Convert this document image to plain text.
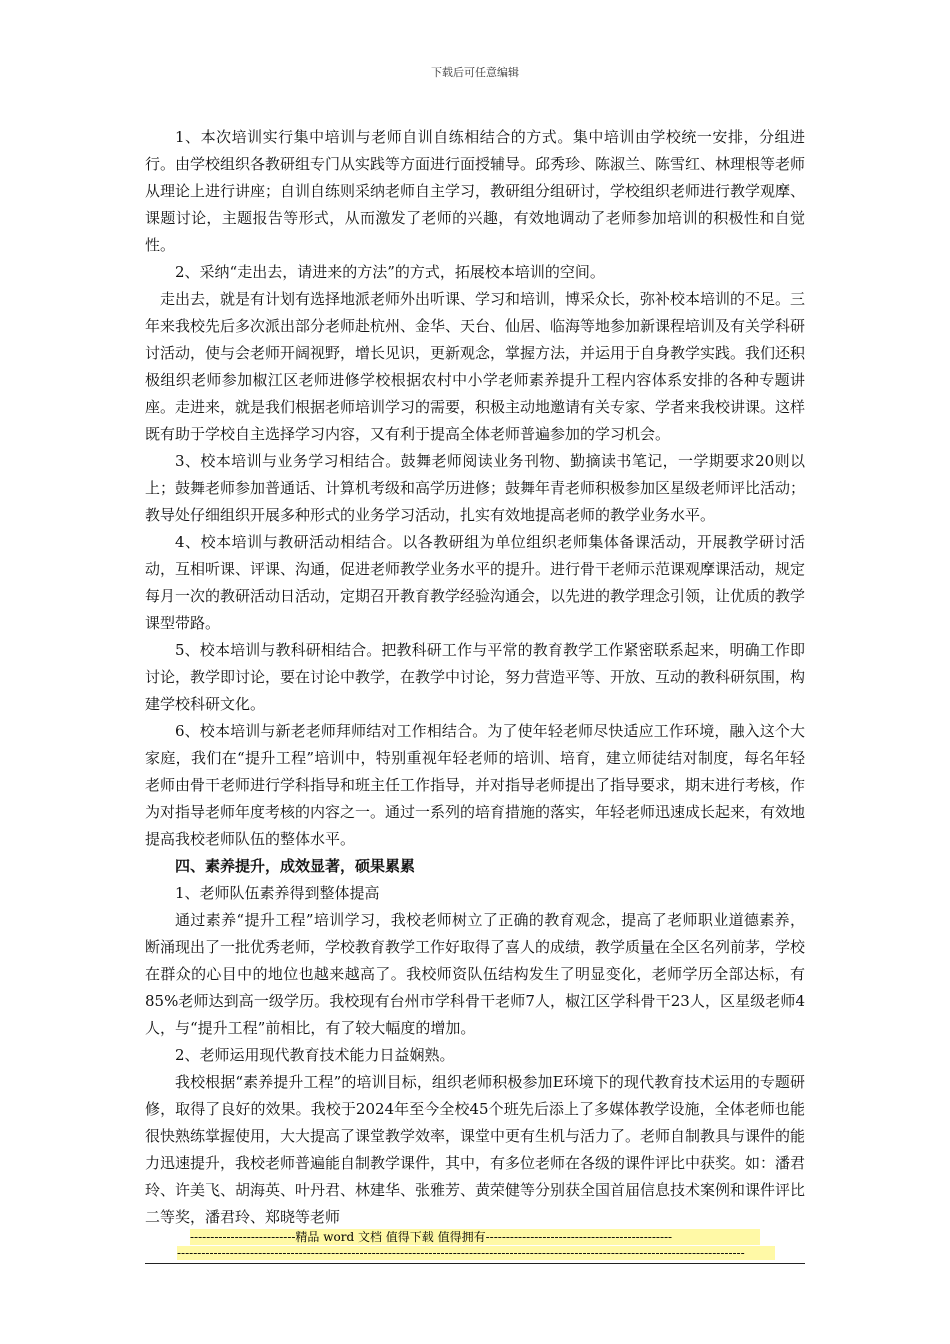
下载后可任意编辑

1、本次培训实行集中培训与老师自训自练相结合的方式。集中培训由学校统一安排，分组进行。由学校组织各教研组专门从实践等方面进行面授辅导。邱秀珍、陈淑兰、陈雪红、林理根等老师从理论上进行讲座；自训自练则采纳老师自主学习，教研组分组研讨，学校组织老师进行教学观摩、课题讨论，主题报告等形式，从而激发了老师的兴趣，有效地调动了老师参加培训的积极性和自觉性。

2、采纳“走出去，请进来的方法”的方式，拓展校本培训的空间。

走出去，就是有计划有选择地派老师外出听课、学习和培训，博采众长，弥补校本培训的不足。三年来我校先后多次派出部分老师赴杭州、金华、天台、仙居、临海等地参加新课程培训及有关学科研讨活动，使与会老师开阔视野，增长见识，更新观念，掌握方法，并运用于自身教学实践。我们还积极组织老师参加椒江区老师进修学校根据农村中小学老师素养提升工程内容体系安排的各种专题讲座。走进来，就是我们根据老师培训学习的需要，积极主动地邀请有关专家、学者来我校讲课。这样既有助于学校自主选择学习内容，又有利于提高全体老师普遍参加的学习机会。

3、校本培训与业务学习相结合。鼓舞老师阅读业务刊物、勤摘读书笔记，一学期要求20则以上；鼓舞老师参加普通话、计算机考级和高学历进修；鼓舞年青老师积极参加区星级老师评比活动；教导处仔细组织开展多种形式的业务学习活动，扎实有效地提高老师的教学业务水平。

4、校本培训与教研活动相结合。以各教研组为单位组织老师集体备课活动，开展教学研讨活动，互相听课、评课、沟通，促进老师教学业务水平的提升。进行骨干老师示范课观摩课活动，规定每月一次的教研活动日活动，定期召开教育教学经验沟通会，以先进的教学理念引领，让优质的教学课型带路。

5、校本培训与教科研相结合。把教科研工作与平常的教育教学工作紧密联系起来，明确工作即讨论，教学即讨论，要在讨论中教学，在教学中讨论，努力营造平等、开放、互动的教科研氛围，构建学校科研文化。

6、校本培训与新老老师拜师结对工作相结合。为了使年轻老师尽快适应工作环境，融入这个大家庭，我们在“提升工程”培训中，特别重视年轻老师的培训、培育，建立师徒结对制度，每名年轻老师由骨干老师进行学科指导和班主任工作指导，并对指导老师提出了指导要求，期末进行考核，作为对指导老师年度考核的内容之一。通过一系列的培育措施的落实，年轻老师迅速成长起来，有效地提高我校老师队伍的整体水平。

四、素养提升，成效显著，硕果累累

1、老师队伍素养得到整体提高

通过素养“提升工程”培训学习，我校老师树立了正确的教育观念，提高了老师职业道德素养，断涌现出了一批优秀老师，学校教育教学工作好取得了喜人的成绩，教学质量在全区名列前茅，学校在群众的心目中的地位也越来越高了。我校师资队伍结构发生了明显变化，老师学历全部达标，有85%老师达到高一级学历。我校现有台州市学科骨干老师7人，椒江区学科骨干23人，区星级老师4人，与“提升工程”前相比，有了较大幅度的增加。

2、老师运用现代教育技术能力日益娴熟。

我校根据“素养提升工程”的培训目标，组织老师积极参加E环境下的现代教育技术运用的专题研修，取得了良好的效果。我校于2024年至今全校45个班先后添上了多媒体教学设施，全体老师也能很快熟练掌握使用，大大提高了课堂教学效率，课堂中更有生机与活力了。老师自制教具与课件的能力迅速提升，我校老师普遍能自制教学课件，其中，有多位老师在各级的课件评比中获奖。如：潘君玲、许美飞、胡海英、叶丹君、林建华、张雅芳、黄荣健等分别获全国首届信息技术案例和课件评比二等奖，潘君玲、郑晓等老师

--------------------------精品 word 文档 值得下载 值得拥有----------------------------------------------
--------------------------------------------------------------------------------------------------------------------------------------------
